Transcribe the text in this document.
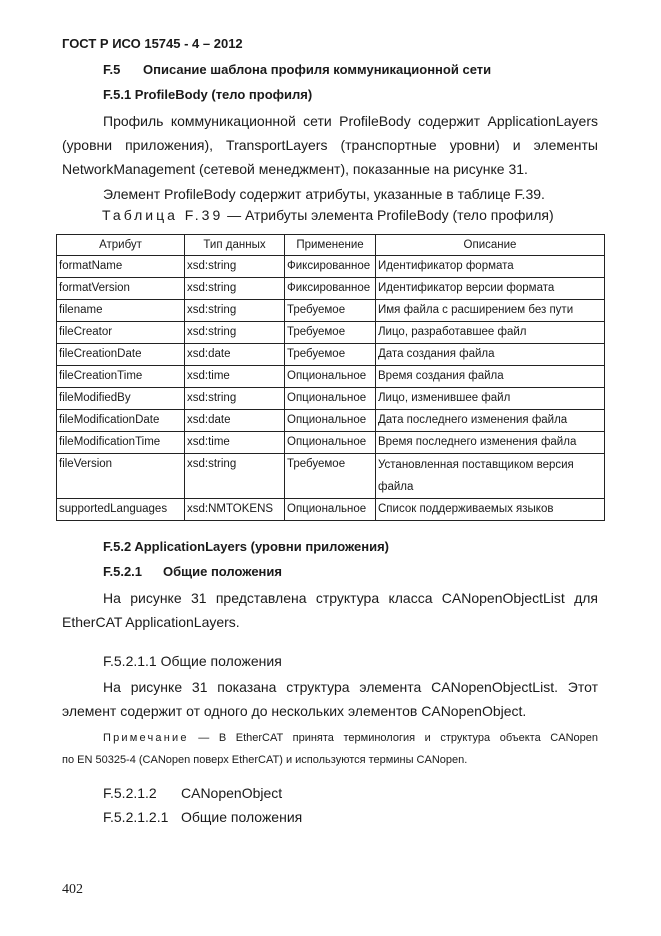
ГОСТ Р ИСО 15745 - 4 – 2012
F.5 Описание шаблона профиля коммуникационной сети
F.5.1 ProfileBody (тело профиля)
Профиль коммуникационной сети ProfileBody содержит ApplicationLayers
(уровни приложения), TransportLayers (транспортные уровни) и элементы
NetworkManagement (сетевой менеджмент), показанные на рисунке 31.
Элемент ProfileBody содержит атрибуты, указанные в таблице F.39.
Таблица F.39 — Атрибуты элемента ProfileBody (тело профиля)
Атрибут	Тип данных	Применение	Описание
formatName	xsd:string	Фиксированное	Идентификатор формата
formatVersion	xsd:string	Фиксированное	Идентификатор версии формата
filename	xsd:string	Требуемое	Имя файла с расширением без пути
fileCreator	xsd:string	Требуемое	Лицо, разработавшее файл
fileCreationDate	xsd:date	Требуемое	Дата создания файла
fileCreationTime	xsd:time	Опциональное	Время создания файла
fileModifiedBy	xsd:string	Опциональное	Лицо, изменившее файл
fileModificationDate	xsd:date	Опциональное	Дата последнего изменения файла
fileModificationTime	xsd:time	Опциональное	Время последнего изменения файла
fileVersion	xsd:string	Требуемое	Установленная поставщиком версия файла
supportedLanguages	xsd:NMTOKENS	Опциональное	Список поддерживаемых языков
F.5.2 ApplicationLayers (уровни приложения)
F.5.2.1 Общие положения
На рисунке 31 представлена структура класса CANopenObjectList для
EtherCAT ApplicationLayers.
F.5.2.1.1 Общие положения
На рисунке 31 показана структура элемента CANopenObjectList. Этот
элемент содержит от одного до нескольких элементов CANopenObject.
Примечание — В EtherCAT принята терминология и структура объекта CANopen
по EN 50325-4 (CANopen поверх EtherCAT) и используются термины CANopen.
F.5.2.1.2 CANopenObject
F.5.2.1.2.1 Общие положения
402
